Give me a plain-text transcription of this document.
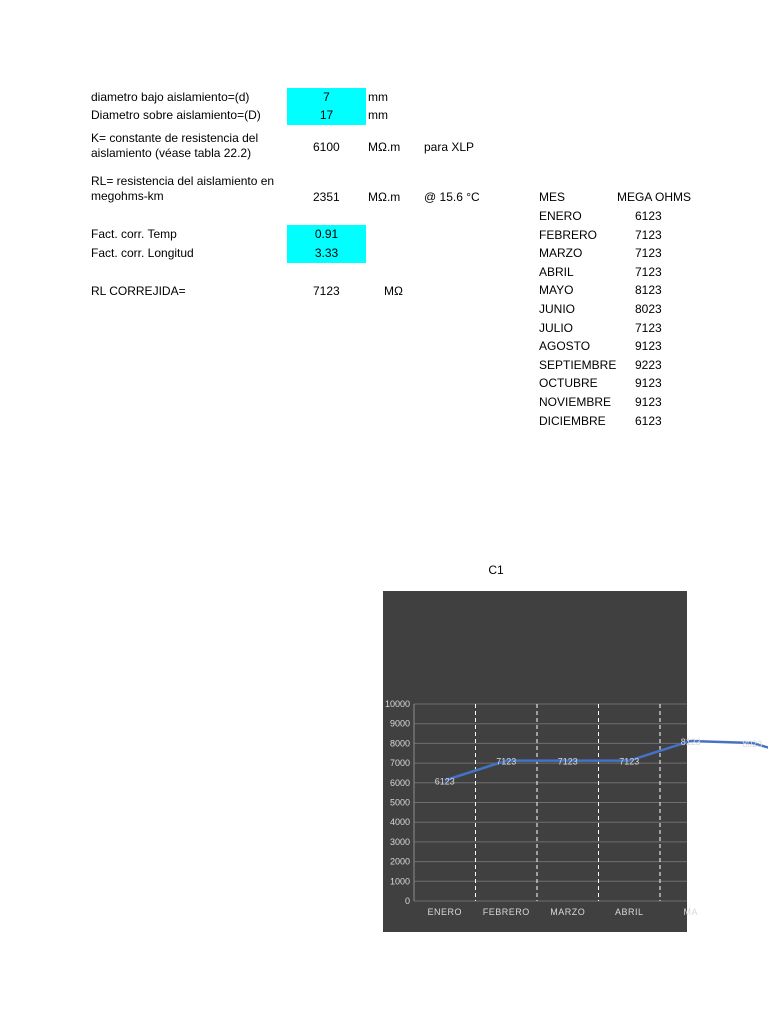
diametro bajo aislamiento=(d)	7	mm
Diametro sobre aislamiento=(D)	17	mm
K= constante de resistencia del aislamiento (véase tabla 22.2)	6100 MΩ.m para XLP
RL= resistencia del aislamiento en megohms-km	2351 MΩ.m @ 15.6 °C
Fact. corr. Temp	0.91
Fact. corr. Longitud	3.33
RL CORREJIDA=	7123	MΩ
MES	MEGA OHMS
ENERO	6123
FEBRERO	7123
MARZO	7123
ABRIL	7123
MAYO	8123
JUNIO	8023
JULIO	7123
AGOSTO	9123
SEPTIEMBRE 9223
OCTUBRE	9123
NOVIEMBRE 9123
DICIEMBRE 6123
C1
0
1000
2000
3000
4000
5000
6000
7000
8000
9000
10000
ENERO FEBRERO MARZO	ABRIL	MA
6123
7123	7123	7123
8123	8023
